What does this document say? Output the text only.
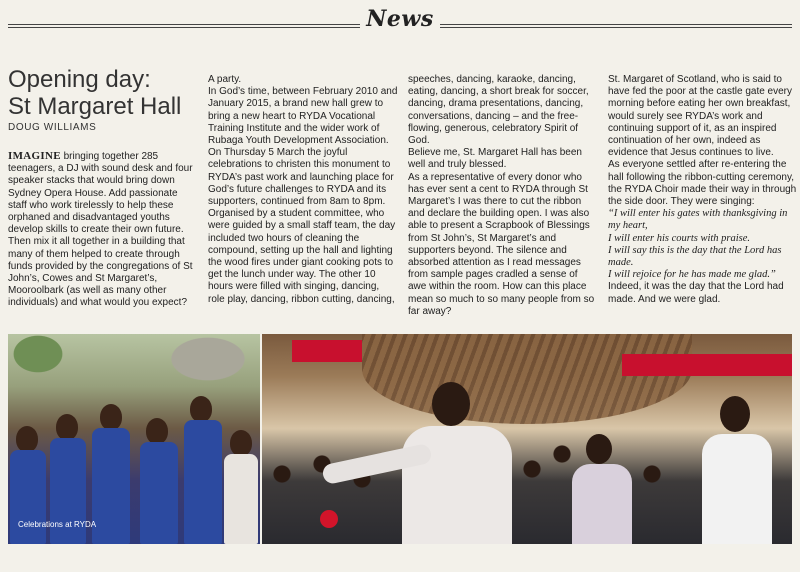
News
Opening day:
St Margaret Hall
DOUG WILLIAMS

IMAGINE bringing together 285 teenagers, a DJ with sound desk and four speaker stacks that would bring down Sydney Opera House. Add passionate staff who work tirelessly to help these orphaned and disadvantaged youths develop skills to create their own future.

Then mix it all together in a building that many of them helped to create through funds provided by the congregations of St John’s, Cowes and St Margaret’s, Mooroolbark (as well as many other individuals) and what would you expect?

A party.

In God’s time, between February 2010 and January 2015, a brand new hall grew to bring a new heart to RYDA Vocational Training Institute and the wider work of Rubaga Youth Development Association. On Thursday 5 March the joyful celebrations to christen this monument to RYDA’s past work and launching place for God’s future challenges to RYDA and its supporters, continued from 8am to 8pm. Organised by a student committee, who were guided by a small staff team, the day included two hours of cleaning the compound, setting up the hall and lighting the wood fires under giant cooking pots to get the lunch under way. The other 10 hours were filled with singing, dancing, role play, dancing, ribbon cutting, dancing,

speeches, dancing, karaoke, dancing, eating, dancing, a short break for soccer, dancing, drama presentations, dancing, conversations, dancing – and the free-flowing, generous, celebratory Spirit of God.

Believe me, St. Margaret Hall has been well and truly blessed.

As a representative of every donor who has ever sent a cent to RYDA through St Margaret’s I was there to cut the ribbon and declare the building open. I was also able to present a Scrapbook of Blessings from St John’s, St Margaret’s and supporters beyond. The silence and absorbed attention as I read messages from sample pages cradled a sense of awe within the room. How can this place mean so much to so many people from so far away?

St. Margaret of Scotland, who is said to have fed the poor at the castle gate every morning before eating her own breakfast, would surely see RYDA’s work and continuing support of it, as an inspired continuation of her own, indeed as evidence that Jesus continues to live.

As everyone settled after re-entering the hall following the ribbon-cutting ceremony, the RYDA Choir made their way in through the side door. They were singing:

“I will enter his gates with thanksgiving in my heart,

I will enter his courts with praise.

I will say this is the day that the Lord has made.

I will rejoice for he has made me glad.”

Indeed, it was the day that the Lord had made. And we were glad.

Celebrations at RYDA
